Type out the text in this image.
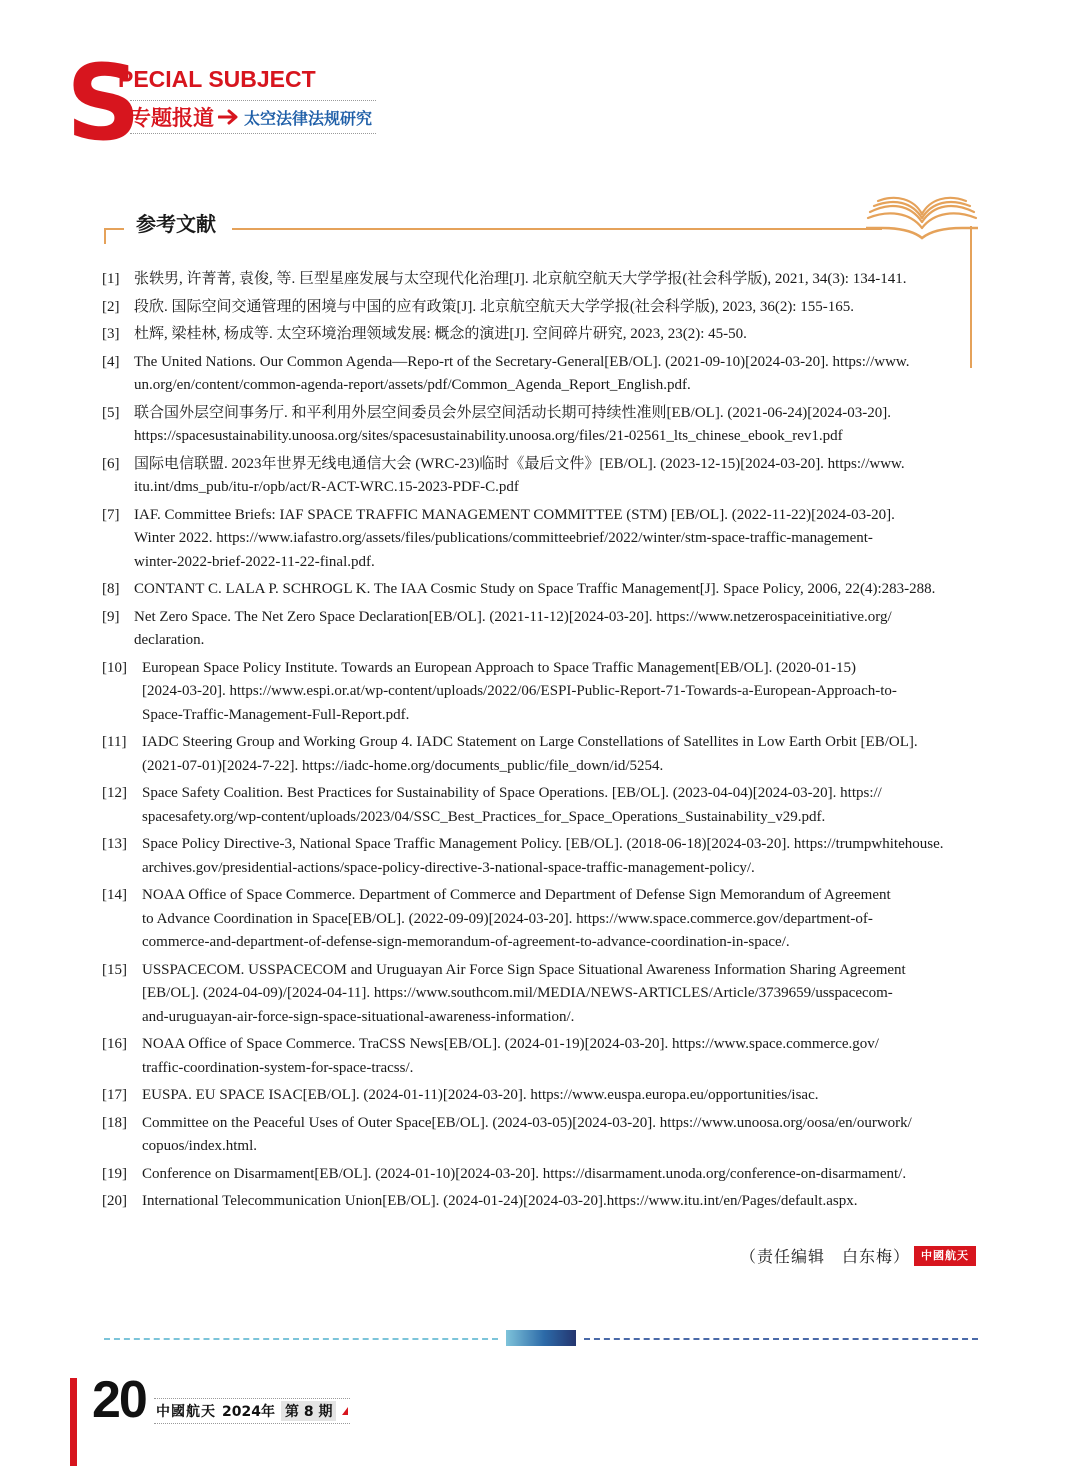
S
PECIAL SUBJECT
专题报道 太空法律法规研究
参考文献
[1] 张轶男, 许菁菁, 袁俊, 等. 巨型星座发展与太空现代化治理[J]. 北京航空航天大学学报(社会科学版), 2021, 34(3): 134-141.
[2] 段欣. 国际空间交通管理的困境与中国的应有政策[J]. 北京航空航天大学学报(社会科学版), 2023, 36(2): 155-165.
[3] 杜辉, 梁桂林, 杨成等. 太空环境治理领域发展: 概念的演进[J]. 空间碎片研究, 2023, 23(2): 45-50.
[4] The United Nations. Our Common Agenda—Repo-rt of the Secretary-General[EB/OL]. (2021-09-10)[2024-03-20]. https://www.
un.org/en/content/common-agenda-report/assets/pdf/Common_Agenda_Report_English.pdf.
[5] 联合国外层空间事务厅. 和平利用外层空间委员会外层空间活动长期可持续性准则[EB/OL]. (2021-06-24)[2024-03-20].
https://spacesustainability.unoosa.org/sites/spacesustainability.unoosa.org/files/21-02561_lts_chinese_ebook_rev1.pdf
[6] 国际电信联盟. 2023年世界无线电通信大会 (WRC-23)临时《最后文件》[EB/OL]. (2023-12-15)[2024-03-20]. https://www.
itu.int/dms_pub/itu-r/opb/act/R-ACT-WRC.15-2023-PDF-C.pdf
[7] IAF. Committee Briefs: IAF SPACE TRAFFIC MANAGEMENT COMMITTEE (STM) [EB/OL]. (2022-11-22)[2024-03-20].
Winter 2022. https://www.iafastro.org/assets/files/publications/committeebrief/2022/winter/stm-space-traffic-management-
winter-2022-brief-2022-11-22-final.pdf.
[8] CONTANT C. LALA P. SCHROGL K. The IAA Cosmic Study on Space Traffic Management[J]. Space Policy, 2006, 22(4):283-288.
[9] Net Zero Space. The Net Zero Space Declaration[EB/OL]. (2021-11-12)[2024-03-20]. https://www.netzerospaceinitiative.org/
declaration.
[10] European Space Policy Institute. Towards an European Approach to Space Traffic Management[EB/OL]. (2020-01-15)
[2024-03-20]. https://www.espi.or.at/wp-content/uploads/2022/06/ESPI-Public-Report-71-Towards-a-European-Approach-to-
Space-Traffic-Management-Full-Report.pdf.
[11] IADC Steering Group and Working Group 4. IADC Statement on Large Constellations of Satellites in Low Earth Orbit [EB/OL].
(2021-07-01)[2024-7-22]. https://iadc-home.org/documents_public/file_down/id/5254.
[12] Space Safety Coalition. Best Practices for Sustainability of Space Operations. [EB/OL]. (2023-04-04)[2024-03-20]. https://
spacesafety.org/wp-content/uploads/2023/04/SSC_Best_Practices_for_Space_Operations_Sustainability_v29.pdf.
[13] Space Policy Directive-3, National Space Traffic Management Policy. [EB/OL]. (2018-06-18)[2024-03-20]. https://trumpwhitehouse.
archives.gov/presidential-actions/space-policy-directive-3-national-space-traffic-management-policy/.
[14] NOAA Office of Space Commerce. Department of Commerce and Department of Defense Sign Memorandum of Agreement
to Advance Coordination in Space[EB/OL]. (2022-09-09)[2024-03-20]. https://www.space.commerce.gov/department-of-
commerce-and-department-of-defense-sign-memorandum-of-agreement-to-advance-coordination-in-space/.
[15] USSPACECOM. USSPACECOM and Uruguayan Air Force Sign Space Situational Awareness Information Sharing Agreement
[EB/OL]. (2024-04-09)/[2024-04-11]. https://www.southcom.mil/MEDIA/NEWS-ARTICLES/Article/3739659/usspacecom-
and-uruguayan-air-force-sign-space-situational-awareness-information/.
[16] NOAA Office of Space Commerce. TraCSS News[EB/OL]. (2024-01-19)[2024-03-20]. https://www.space.commerce.gov/
traffic-coordination-system-for-space-tracss/.
[17] EUSPA. EU SPACE ISAC[EB/OL]. (2024-01-11)[2024-03-20]. https://www.euspa.europa.eu/opportunities/isac.
[18] Committee on the Peaceful Uses of Outer Space[EB/OL]. (2024-03-05)[2024-03-20]. https://www.unoosa.org/oosa/en/ourwork/
copuos/index.html.
[19] Conference on Disarmament[EB/OL]. (2024-01-10)[2024-03-20]. https://disarmament.unoda.org/conference-on-disarmament/.
[20] International Telecommunication Union[EB/OL]. (2024-01-24)[2024-03-20].https://www.itu.int/en/Pages/default.aspx.
（责任编辑　白东梅） 中國航天
20 中國航天 2024年 第 8 期
